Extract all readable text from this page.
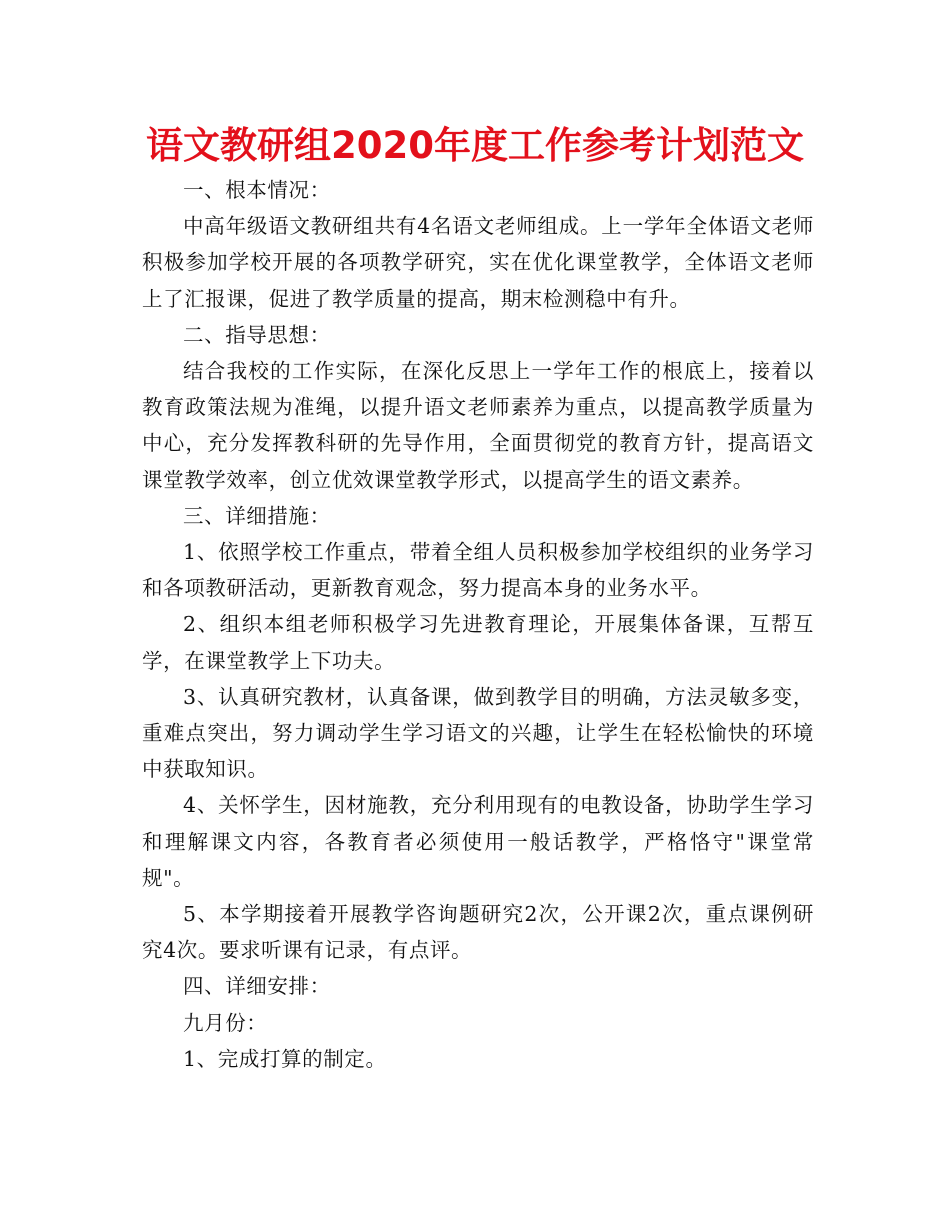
语文教研组2020年度工作参考计划范文

一、根本情况：

中高年级语文教研组共有4名语文老师组成。上一学年全体语文老师积极参加学校开展的各项教学研究，实在优化课堂教学，全体语文老师上了汇报课，促进了教学质量的提高，期末检测稳中有升。

二、指导思想：

结合我校的工作实际，在深化反思上一学年工作的根底上，接着以教育政策法规为准绳，以提升语文老师素养为重点，以提高教学质量为中心，充分发挥教科研的先导作用，全面贯彻党的教育方针，提高语文课堂教学效率，创立优效课堂教学形式，以提高学生的语文素养。

三、详细措施：

1、依照学校工作重点，带着全组人员积极参加学校组织的业务学习和各项教研活动，更新教育观念，努力提高本身的业务水平。

2、组织本组老师积极学习先进教育理论，开展集体备课，互帮互学，在课堂教学上下功夫。

3、认真研究教材，认真备课，做到教学目的明确，方法灵敏多变，重难点突出，努力调动学生学习语文的兴趣，让学生在轻松愉快的环境中获取知识。

4、关怀学生，因材施教，充分利用现有的电教设备，协助学生学习和理解课文内容，各教育者必须使用一般话教学，严格恪守"课堂常规"。

5、本学期接着开展教学咨询题研究2次，公开课2次，重点课例研究4次。要求听课有记录，有点评。

四、详细安排：

九月份：

1、完成打算的制定。
